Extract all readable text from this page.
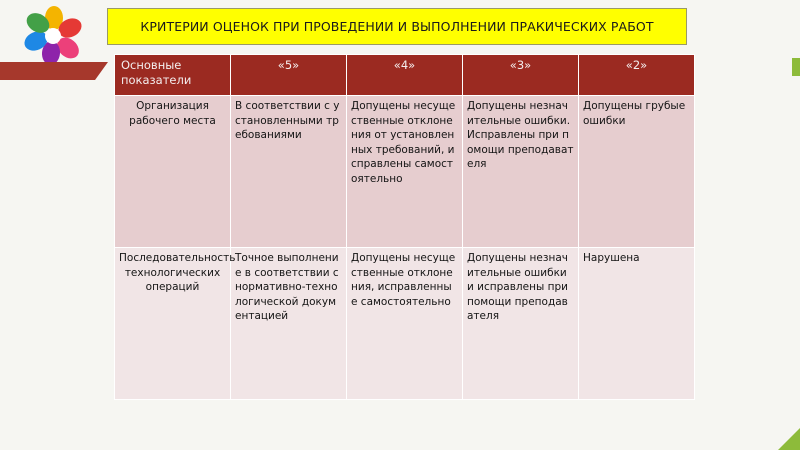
КРИТЕРИИ ОЦЕНОК ПРИ ПРОВЕДЕНИИ И ВЫПОЛНЕНИИ ПРАКИЧЕСКИХ РАБОТ
Основные показатели	«5»	«4»	«3»	«2»
Организация рабочего места	В соответствии с установленными требованиями	Допущены несущественные отклонения от установленных требований, исправлены самостоятельно	Допущены незначительные ошибки. Исправлены при помощи преподавателя	Допущены грубые ошибки
Последовательность технологических операций	Точное выполнение в соответствии с нормативно-технологической документацией	Допущены несущественные отклонения, исправленные самостоятельно	Допущены незначительные ошибки и исправлены при помощи преподавателя	Нарушена
